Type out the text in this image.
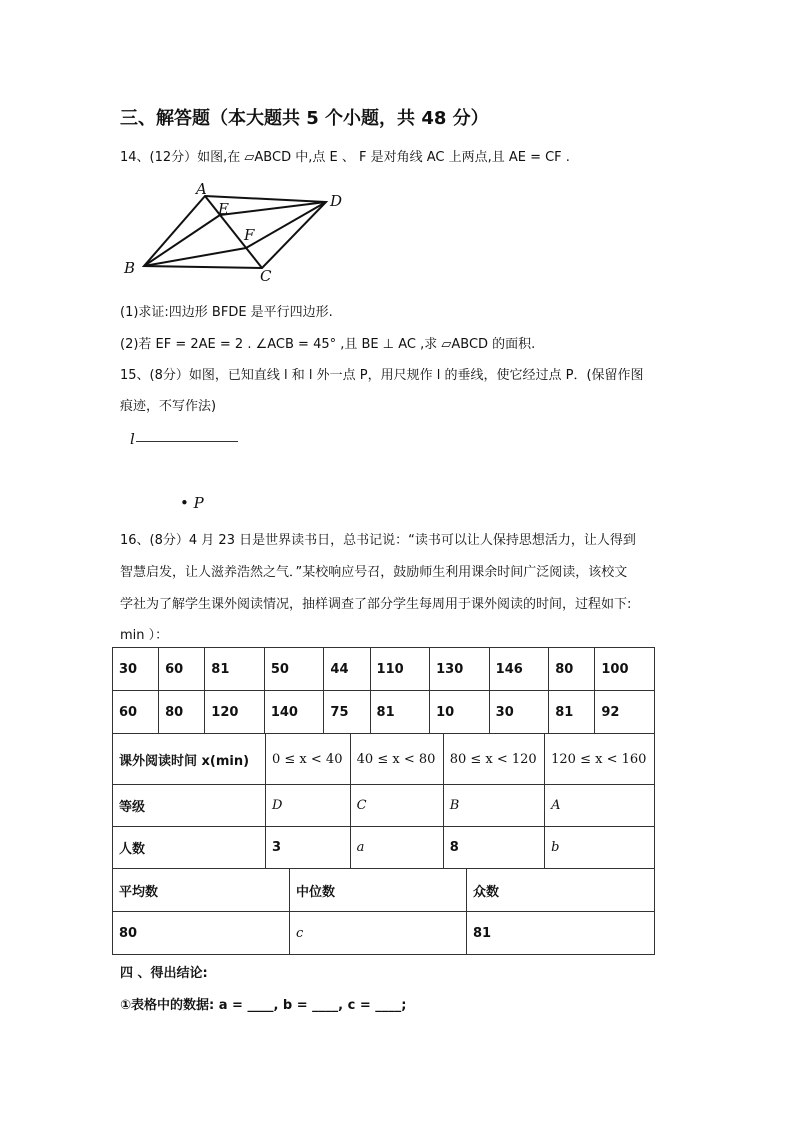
三、解答题（本大题共 5 个小题，共 48 分）
14、(12分）如图,在 ▱ABCD 中,点 E 、 F 是对角线 AC 上两点,且 AE = CF .
A
D
E
F
B	C
(1)求证:四边形 BFDE 是平行四边形.
(2)若 EF = 2AE = 2 . ∠ACB = 45° ,且 BE ⊥ AC ,求 ▱ABCD 的面积.
15、(8分）如图，已知直线 l 和 l 外一点 P，用尺规作 l 的垂线，使它经过点 P．(保留作图
痕迹，不写作法)
l
• P
16、(8分）4 月 23 日是世界读书日，总书记说：“读书可以让人保持思想活力，让人得到
智慧启发，让人滋养浩然之气．”某校响应号召，鼓励师生利用课余时间广泛阅读，该校文
学社为了解学生课外阅读情况，抽样调查了部分学生每周用于课外阅读的时间，过程如下:
min ）：
30	60	81	50	44	110	130	146	80	100
60	80	120	140	75	81	10	30	81	92
课外阅读时间 x(min)	0 ≤ x < 40	40 ≤ x < 80	80 ≤ x < 120	120 ≤ x < 160
等级	D	C	B	A
人数	3	a	8	b
平均数	中位数	众数
80	c	81
四 、得出结论:
①表格中的数据: a = ____, b = ____, c = ____;
